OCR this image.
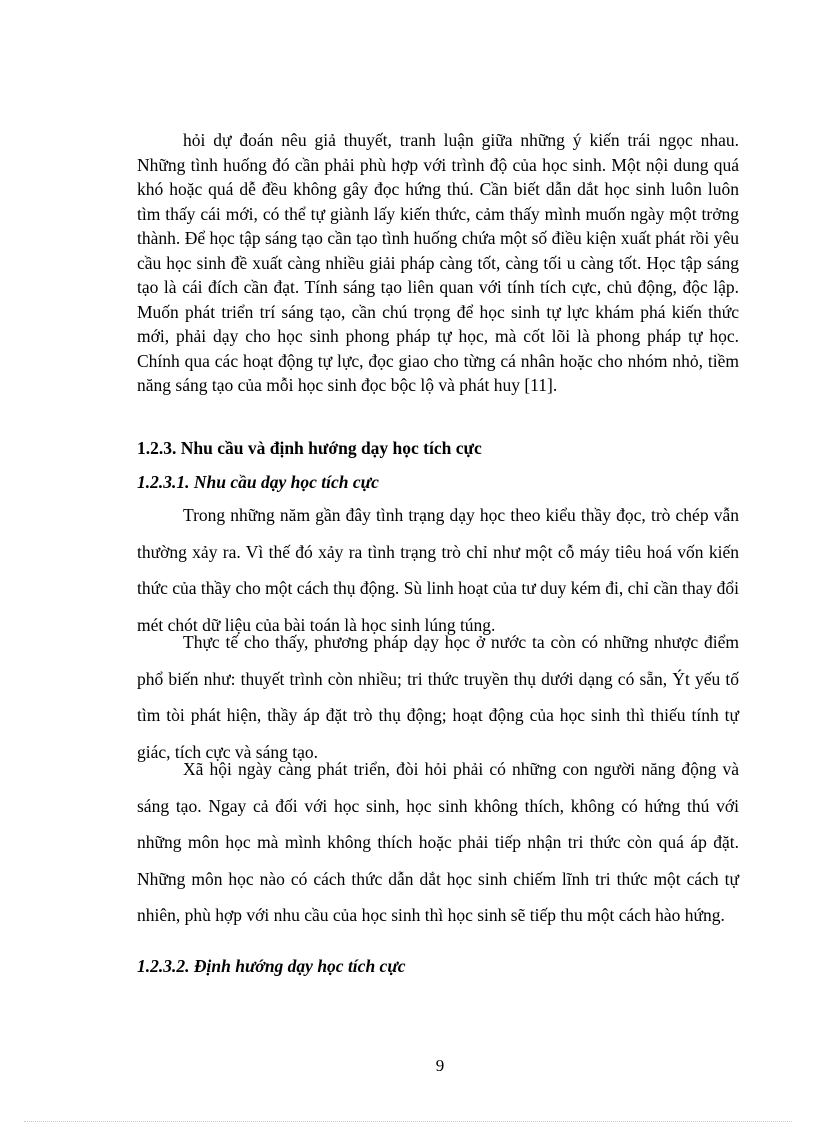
hỏi dự đoán nêu giả thuyết, tranh luận giữa những ý kiến trái ngọc nhau. Những tình huống đó cần phải phù hợp với trình độ của học sinh. Một nội dung quá khó hoặc quá dễ đều không gây đọc hứng thú. Cần biết dẫn dắt học sinh luôn luôn tìm thấy cái mới, có thể tự giành lấy kiến thức, cảm thấy mình muốn ngày một trởng thành. Để học tập sáng tạo cần tạo tình huống chứa một số điều kiện xuất phát rồi yêu cầu học sinh đề xuất càng nhiều giải pháp càng tốt, càng tối u càng tốt. Học tập sáng tạo là cái đích cần đạt. Tính sáng tạo liên quan với tính tích cực, chủ động, độc lập. Muốn phát triển trí sáng tạo, cần chú trọng để học sinh tự lực khám phá kiến thức mới, phải dạy cho học sinh phong pháp tự học, mà cốt lõi là phong pháp tự học. Chính qua các hoạt động tự lực, đọc giao cho từng cá nhân hoặc cho nhóm nhỏ, tiềm năng sáng tạo của mỗi học sinh đọc bộc lộ và phát huy [11].

1.2.3. Nhu cầu và định hướng dạy học tích cực

1.2.3.1. Nhu cầu dạy học tích cực

Trong những năm gần đây tình trạng dạy học theo kiểu thầy đọc, trò chép vẫn thường xảy ra. Vì thế đó xảy ra tình trạng trò chỉ như một cỗ máy tiêu hoá vốn kiến thức của thầy cho một cách thụ động. Sù linh hoạt của tư duy kém đi, chỉ cần thay đổi mét chót dữ liệu của bài toán là học sinh lúng túng.

Thực tế cho thấy, phương pháp dạy học ở nước ta còn có những nhược điểm phổ biến như: thuyết trình còn nhiều; tri thức truyền thụ dưới dạng có sẵn, Ýt yếu tố tìm tòi phát hiện, thầy áp đặt trò thụ động; hoạt động của học sinh thì thiếu tính tự giác, tích cực và sáng tạo.

Xã hội ngày càng phát triển, đòi hỏi phải có những con người năng động và sáng tạo. Ngay cả đối với học sinh, học sinh không thích, không có hứng thú với những môn học mà mình không thích hoặc phải tiếp nhận tri thức còn quá áp đặt. Những môn học nào có cách thức dẫn dắt học sinh chiếm lĩnh tri thức một cách tự nhiên, phù hợp với nhu cầu của học sinh thì học sinh sẽ tiếp thu một cách hào hứng.

1.2.3.2. Định hướng dạy học tích cực

9
